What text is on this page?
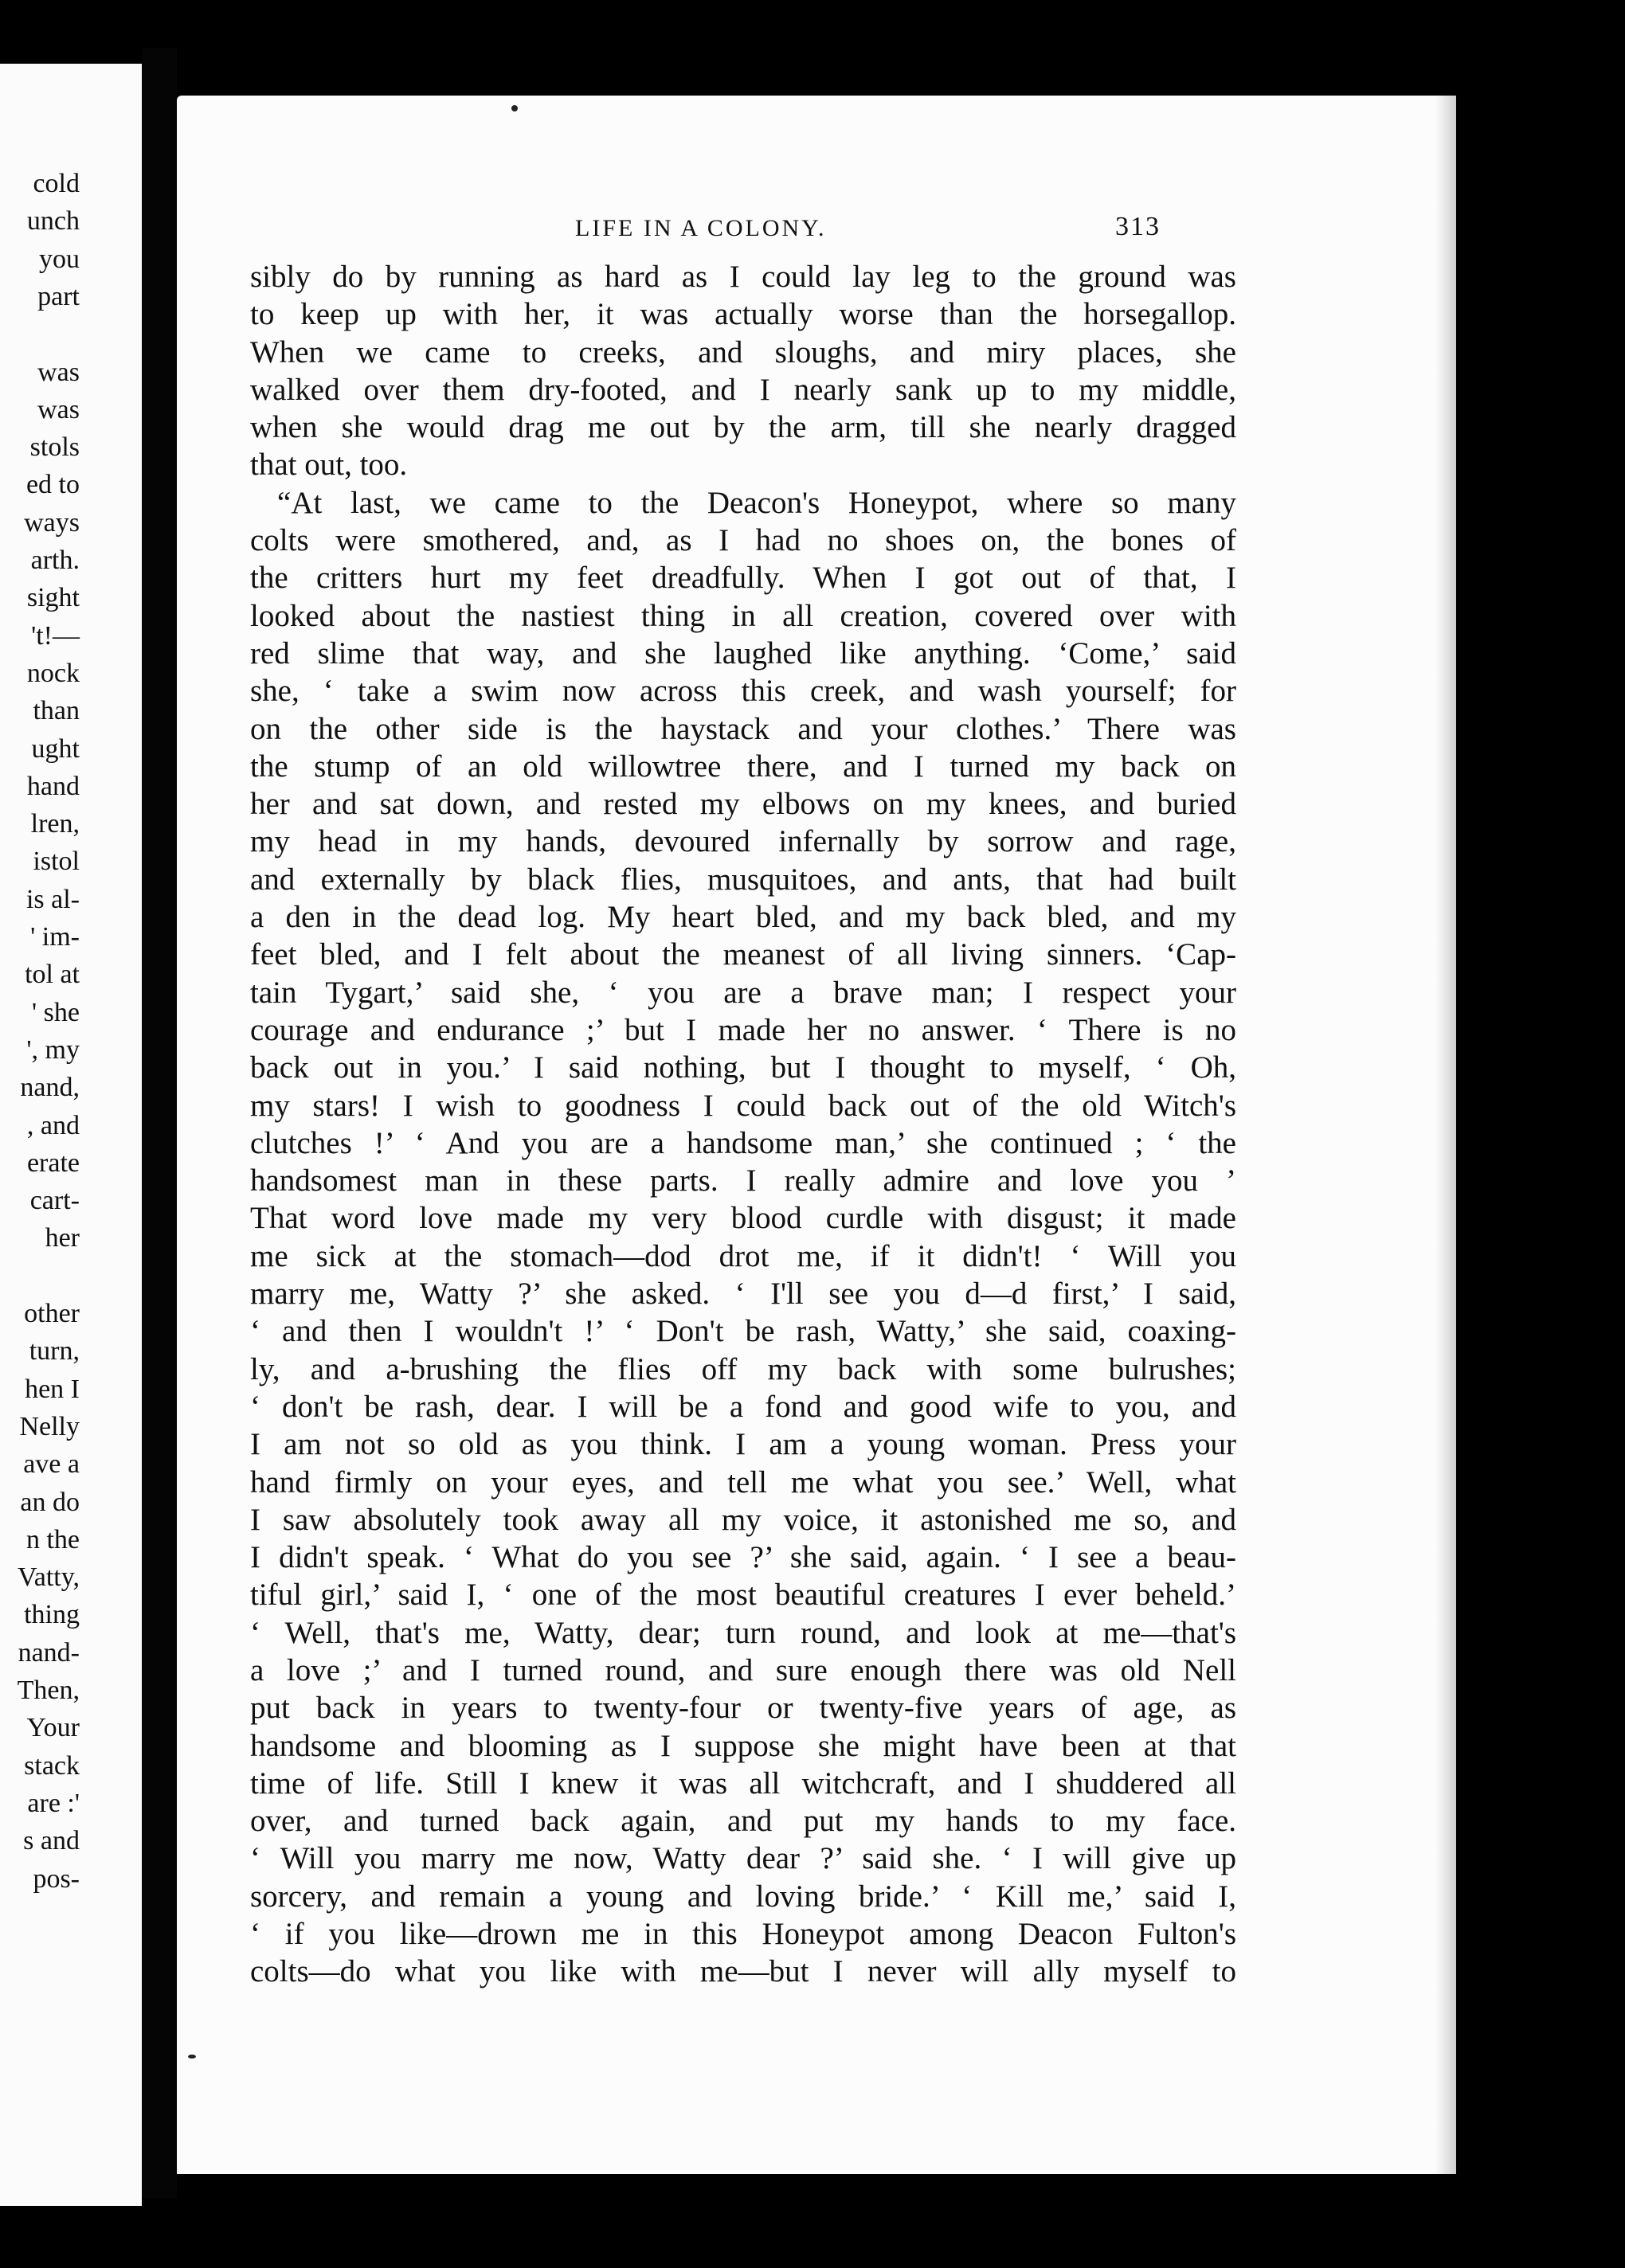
cold
unch
you
part
was
was
stols
ed to
ways
arth.
sight
't!—
nock
than
ught
hand
lren,
istol
is al-
' im-
tol at
' she
', my
nand,
, and
erate
cart-
her
other
turn,
hen I
Nelly
ave a
an do
n the
Vatty,
thing
nand-
Then,
Your
stack
are :'
s and
pos-
LIFE IN A COLONY.	313
sibly do by running as hard as I could lay leg to the ground was
to keep up with her, it was actually worse than the horsegallop.
When we came to creeks, and sloughs, and miry places, she
walked over them dry-footed, and I nearly sank up to my middle,
when she would drag me out by the arm, till she nearly dragged
that out, too.
“At last, we came to the Deacon's Honeypot, where so many
colts were smothered, and, as I had no shoes on, the bones of
the critters hurt my feet dreadfully. When I got out of that, I
looked about the nastiest thing in all creation, covered over with
red slime that way, and she laughed like anything. ‘Come,’ said
she, ‘ take a swim now across this creek, and wash yourself; for
on the other side is the haystack and your clothes.’ There was
the stump of an old willowtree there, and I turned my back on
her and sat down, and rested my elbows on my knees, and buried
my head in my hands, devoured infernally by sorrow and rage,
and externally by black flies, musquitoes, and ants, that had built
a den in the dead log. My heart bled, and my back bled, and my
feet bled, and I felt about the meanest of all living sinners. ‘Cap-
tain Tygart,’ said she, ‘ you are a brave man; I respect your
courage and endurance ;’ but I made her no answer. ‘ There is no
back out in you.’ I said nothing, but I thought to myself, ‘ Oh,
my stars! I wish to goodness I could back out of the old Witch's
clutches !’ ‘ And you are a handsome man,’ she continued ; ‘ the
handsomest man in these parts. I really admire and love you ’
That word love made my very blood curdle with disgust; it made
me sick at the stomach—dod drot me, if it didn't! ‘ Will you
marry me, Watty ?’ she asked. ‘ I'll see you d—d first,’ I said,
‘ and then I wouldn't !’ ‘ Don't be rash, Watty,’ she said, coaxing-
ly, and a-brushing the flies off my back with some bulrushes;
‘ don't be rash, dear. I will be a fond and good wife to you, and
I am not so old as you think. I am a young woman. Press your
hand firmly on your eyes, and tell me what you see.’ Well, what
I saw absolutely took away all my voice, it astonished me so, and
I didn't speak. ‘ What do you see ?’ she said, again. ‘ I see a beau-
tiful girl,’ said I, ‘ one of the most beautiful creatures I ever beheld.’
‘ Well, that's me, Watty, dear; turn round, and look at me—that's
a love ;’ and I turned round, and sure enough there was old Nell
put back in years to twenty-four or twenty-five years of age, as
handsome and blooming as I suppose she might have been at that
time of life. Still I knew it was all witchcraft, and I shuddered all
over, and turned back again, and put my hands to my face.
‘ Will you marry me now, Watty dear ?’ said she. ‘ I will give up
sorcery, and remain a young and loving bride.’ ‘ Kill me,’ said I,
‘ if you like—drown me in this Honeypot among Deacon Fulton's
colts—do what you like with me—but I never will ally myself to
